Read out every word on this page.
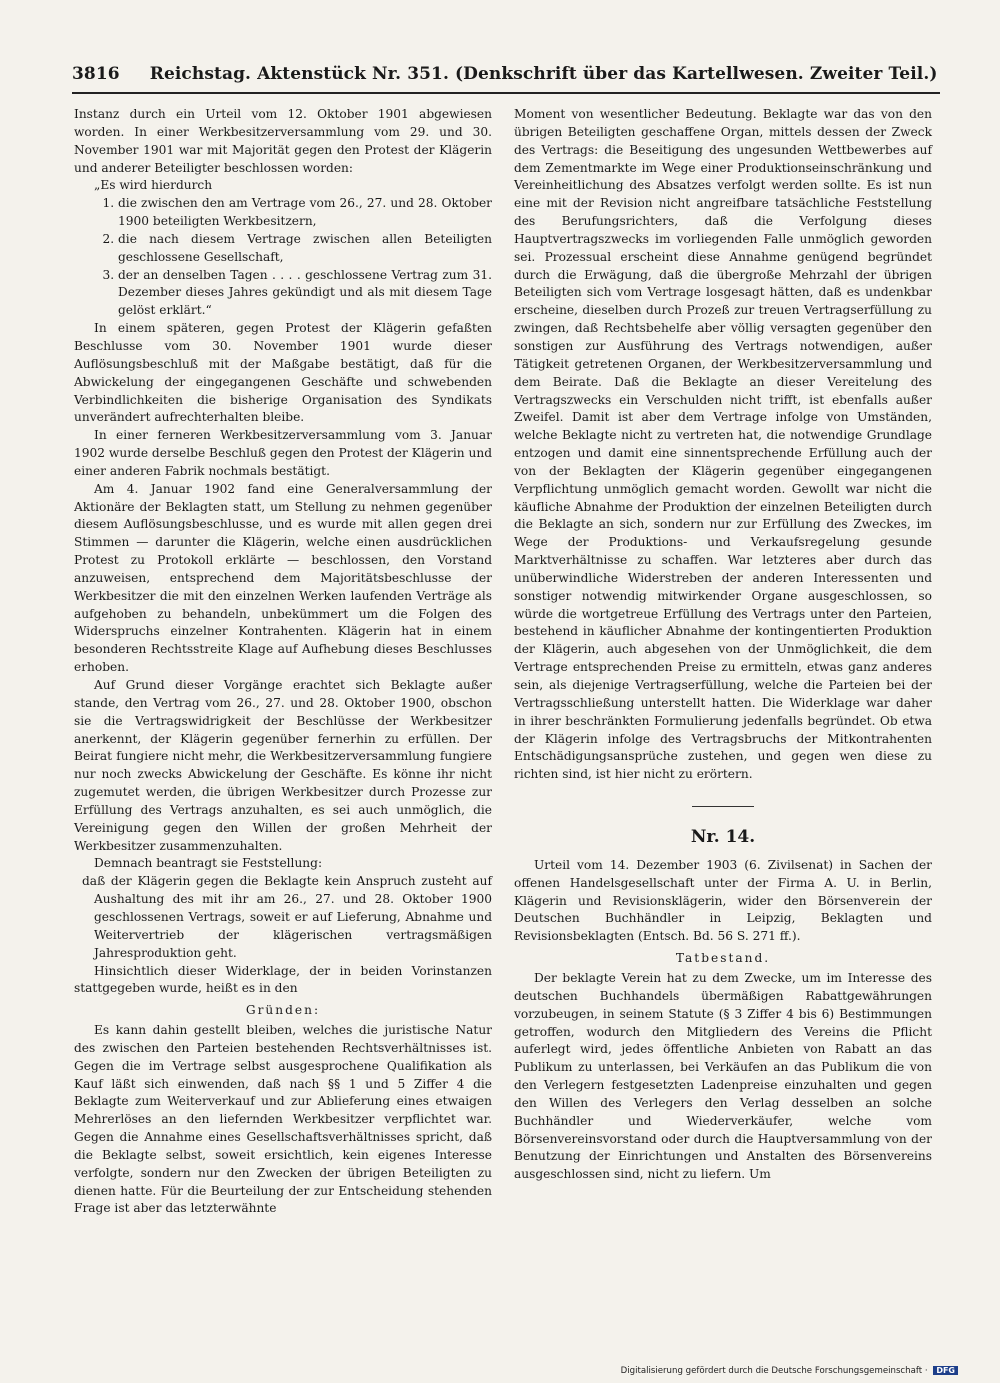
3816 Reichstag. Aktenstück Nr. 351. (Denkschrift über das Kartellwesen. Zweiter Teil.)

Instanz durch ein Urteil vom 12. Oktober 1901 abgewiesen worden. In einer Werkbesitzerversammlung vom 29. und 30. November 1901 war mit Majorität gegen den Protest der Klägerin und anderer Beteiligter beschlossen worden:

„Es wird hierdurch

1. die zwischen den am Vertrage vom 26., 27. und 28. Oktober 1900 beteiligten Werkbesitzern,
2. die nach diesem Vertrage zwischen allen Beteiligten geschlossene Gesellschaft,
3. der an denselben Tagen . . . . geschlossene Vertrag zum 31. Dezember dieses Jahres gekündigt und als mit diesem Tage gelöst erklärt.“

In einem späteren, gegen Protest der Klägerin gefaßten Beschlusse vom 30. November 1901 wurde dieser Auflösungsbeschluß mit der Maßgabe bestätigt, daß für die Abwickelung der eingegangenen Geschäfte und schwebenden Verbindlichkeiten die bisherige Organisation des Syndikats unverändert aufrechterhalten bleibe.

In einer ferneren Werkbesitzerversammlung vom 3. Januar 1902 wurde derselbe Beschluß gegen den Protest der Klägerin und einer anderen Fabrik nochmals bestätigt.

Am 4. Januar 1902 fand eine Generalversammlung der Aktionäre der Beklagten statt, um Stellung zu nehmen gegenüber diesem Auflösungsbeschlusse, und es wurde mit allen gegen drei Stimmen — darunter die Klägerin, welche einen ausdrücklichen Protest zu Protokoll erklärte — beschlossen, den Vorstand anzuweisen, entsprechend dem Majoritätsbeschlusse der Werkbesitzer die mit den einzelnen Werken laufenden Verträge als aufgehoben zu behandeln, unbekümmert um die Folgen des Widerspruchs einzelner Kontrahenten. Klägerin hat in einem besonderen Rechtsstreite Klage auf Aufhebung dieses Beschlusses erhoben.

Auf Grund dieser Vorgänge erachtet sich Beklagte außer stande, den Vertrag vom 26., 27. und 28. Oktober 1900, obschon sie die Vertragswidrigkeit der Beschlüsse der Werkbesitzer anerkennt, der Klägerin gegenüber fernerhin zu erfüllen. Der Beirat fungiere nicht mehr, die Werkbesitzerversammlung fungiere nur noch zwecks Abwickelung der Geschäfte. Es könne ihr nicht zugemutet werden, die übrigen Werkbesitzer durch Prozesse zur Erfüllung des Vertrags anzuhalten, es sei auch unmöglich, die Vereinigung gegen den Willen der großen Mehrheit der Werkbesitzer zusammenzuhalten.

Demnach beantragt sie Feststellung:

daß der Klägerin gegen die Beklagte kein Anspruch zusteht auf Aushaltung des mit ihr am 26., 27. und 28. Oktober 1900 geschlossenen Vertrags, soweit er auf Lieferung, Abnahme und Weitervertrieb der klägerischen vertragsmäßigen Jahresproduktion geht.

Hinsichtlich dieser Widerklage, der in beiden Vorinstanzen stattgegeben wurde, heißt es in den

Gründen:

Es kann dahin gestellt bleiben, welches die juristische Natur des zwischen den Parteien bestehenden Rechtsverhältnisses ist. Gegen die im Vertrage selbst ausgesprochene Qualifikation als Kauf läßt sich einwenden, daß nach §§ 1 und 5 Ziffer 4 die Beklagte zum Weiterverkauf und zur Ablieferung eines etwaigen Mehrerlöses an den liefernden Werkbesitzer verpflichtet war. Gegen die Annahme eines Gesellschaftsverhältnisses spricht, daß die Beklagte selbst, soweit ersichtlich, kein eigenes Interesse verfolgte, sondern nur den Zwecken der übrigen Beteiligten zu dienen hatte. Für die Beurteilung der zur Entscheidung stehenden Frage ist aber das letzterwähnte

Moment von wesentlicher Bedeutung. Beklagte war das von den übrigen Beteiligten geschaffene Organ, mittels dessen der Zweck des Vertrags: die Beseitigung des ungesunden Wettbewerbes auf dem Zementmarkte im Wege einer Produktionseinschränkung und Vereinheitlichung des Absatzes verfolgt werden sollte. Es ist nun eine mit der Revision nicht angreifbare tatsächliche Feststellung des Berufungsrichters, daß die Verfolgung dieses Hauptvertragszwecks im vorliegenden Falle unmöglich geworden sei. Prozessual erscheint diese Annahme genügend begründet durch die Erwägung, daß die übergroße Mehrzahl der übrigen Beteiligten sich vom Vertrage losgesagt hätten, daß es undenkbar erscheine, dieselben durch Prozeß zur treuen Vertragserfüllung zu zwingen, daß Rechtsbehelfe aber völlig versagten gegenüber den sonstigen zur Ausführung des Vertrags notwendigen, außer Tätigkeit getretenen Organen, der Werkbesitzerversammlung und dem Beirate. Daß die Beklagte an dieser Vereitelung des Vertragszwecks ein Verschulden nicht trifft, ist ebenfalls außer Zweifel. Damit ist aber dem Vertrage infolge von Umständen, welche Beklagte nicht zu vertreten hat, die notwendige Grundlage entzogen und damit eine sinnentsprechende Erfüllung auch der von der Beklagten der Klägerin gegenüber eingegangenen Verpflichtung unmöglich gemacht worden. Gewollt war nicht die käufliche Abnahme der Produktion der einzelnen Beteiligten durch die Beklagte an sich, sondern nur zur Erfüllung des Zweckes, im Wege der Produktions- und Verkaufsregelung gesunde Marktverhältnisse zu schaffen. War letzteres aber durch das unüberwindliche Widerstreben der anderen Interessenten und sonstiger notwendig mitwirkender Organe ausgeschlossen, so würde die wortgetreue Erfüllung des Vertrags unter den Parteien, bestehend in käuflicher Abnahme der kontingentierten Produktion der Klägerin, auch abgesehen von der Unmöglichkeit, die dem Vertrage entsprechenden Preise zu ermitteln, etwas ganz anderes sein, als diejenige Vertragserfüllung, welche die Parteien bei der Vertragsschließung unterstellt hatten. Die Widerklage war daher in ihrer beschränkten Formulierung jedenfalls begründet. Ob etwa der Klägerin infolge des Vertragsbruchs der Mitkontrahenten Entschädigungsansprüche zustehen, und gegen wen diese zu richten sind, ist hier nicht zu erörtern.

Nr. 14.

Urteil vom 14. Dezember 1903 (6. Zivilsenat) in Sachen der offenen Handelsgesellschaft unter der Firma A. U. in Berlin, Klägerin und Revisionsklägerin, wider den Börsenverein der Deutschen Buchhändler in Leipzig, Beklagten und Revisionsbeklagten (Entsch. Bd. 56 S. 271 ff.).

Tatbestand.

Der beklagte Verein hat zu dem Zwecke, um im Interesse des deutschen Buchhandels übermäßigen Rabattgewährungen vorzubeugen, in seinem Statute (§ 3 Ziffer 4 bis 6) Bestimmungen getroffen, wodurch den Mitgliedern des Vereins die Pflicht auferlegt wird, jedes öffentliche Anbieten von Rabatt an das Publikum zu unterlassen, bei Verkäufen an das Publikum die von den Verlegern festgesetzten Ladenpreise einzuhalten und gegen den Willen des Verlegers den Verlag desselben an solche Buchhändler und Wiederverkäufer, welche vom Börsenvereinsvorstand oder durch die Hauptversammlung von der Benutzung der Einrichtungen und Anstalten des Börsenvereins ausgeschlossen sind, nicht zu liefern. Um

Digitalisierung gefördert durch die Deutsche Forschungsgemeinschaft · DFG
